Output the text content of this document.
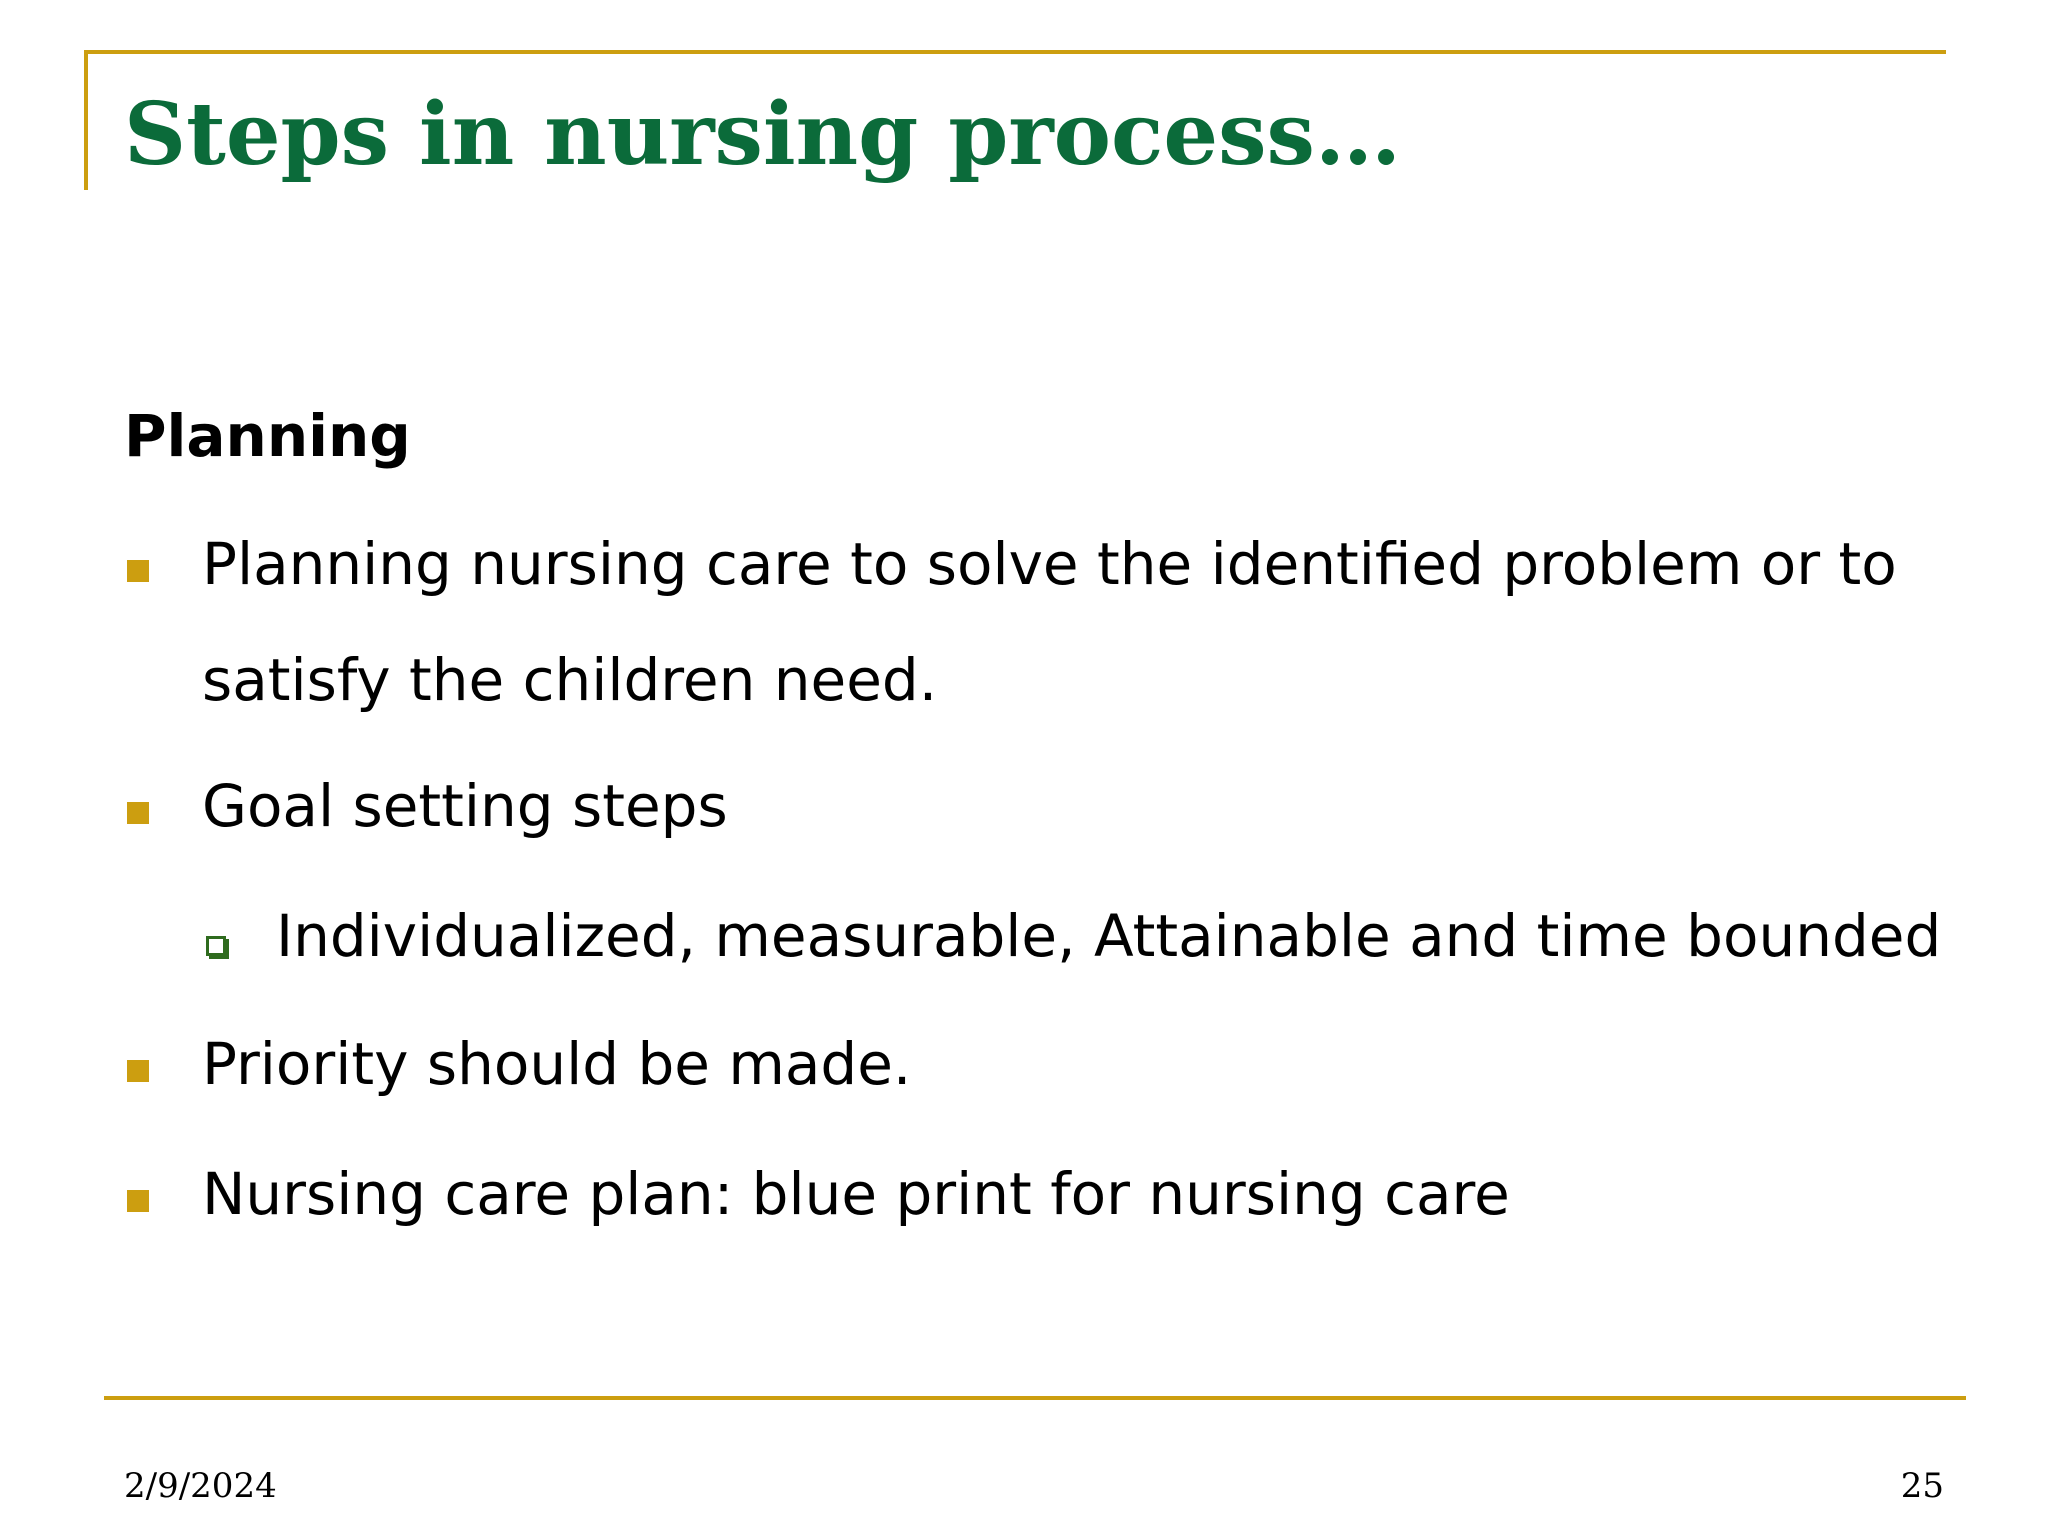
Steps in nursing process…
Planning
Planning nursing care to solve the identified problem or to
satisfy the children need.
Goal setting steps
Individualized, measurable, Attainable and time bounded
Priority should be made.
Nursing care plan: blue print for nursing care
2/9/2024	25
